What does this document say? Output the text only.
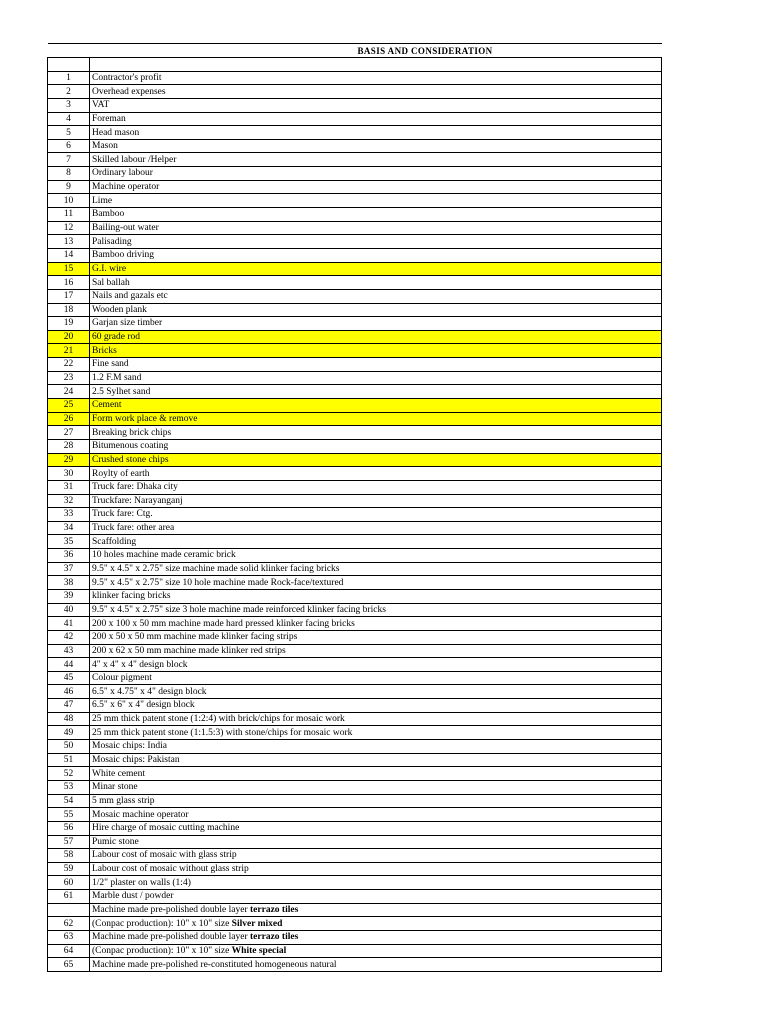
BASIS AND CONSIDERATION	

1	Contractor's profit
2	Overhead expenses
3	VAT
4	Foreman
5	Head mason
6	Mason
7	Skilled labour /Helper
8	Ordinary labour
9	Machine operator
10	Lime
11	Bamboo
12	Bailing-out water
13	Palisading
14	Bamboo driving
15	G.I. wire
16	Sal ballah
17	Nails and gazals etc
18	Wooden plank
19	Garjan size timber
20	60 grade rod
21	Bricks
22	Fine sand
23	1.2 F.M sand
24	2.5 Sylhet sand
25	Cement
26	Form work place & remove
27	Breaking brick chips
28	Bitumenous coating
29	Crushed stone chips
30	Roylty of earth
31	Truck fare: Dhaka city
32	Truckfare: Narayanganj
33	Truck fare: Ctg.
34	Truck fare: other area
35	Scaffolding
36	10 holes machine made ceramic brick
37	9.5" x 4.5" x 2.75" size machine made solid klinker facing bricks
38	9.5" x 4.5" x 2.75" size 10 hole machine made Rock-face/textured
39	klinker facing bricks
40	9.5" x 4.5" x 2.75" size 3 hole machine made reinforced klinker facing bricks
41	200 x 100 x 50 mm machine made hard pressed klinker facing bricks
42	200 x 50 x 50 mm machine made klinker facing strips
43	200 x 62 x 50 mm machine made klinker red strips
44	4" x 4" x 4" design block
45	Colour pigment
46	6.5" x 4.75" x 4" design block
47	6.5" x 6" x 4" design block
48	25 mm thick patent stone (1:2:4) with brick/chips for mosaic work
49	25 mm thick patent stone (1:1.5:3) with stone/chips for mosaic work
50	Mosaic chips: India
51	Mosaic chips: Pakistan
52	White cement
53	Minar stone
54	5 mm glass strip
55	Mosaic machine operator
56	Hire charge of mosaic cutting machine
57	Pumic stone
58	Labour cost of mosaic with glass strip
59	Labour cost of mosaic without glass strip
60	1/2" plaster on walls (1:4)
61	Marble dust / powder
	Machine made pre-polished double layer terrazo tiles
62	(Conpac production): 10" x 10" size Silver mixed
63	Machine made pre-polished double layer terrazo tiles
64	(Conpac production): 10" x 10" size White special
65	Machine made pre-polished re-constituted homogeneous natural
